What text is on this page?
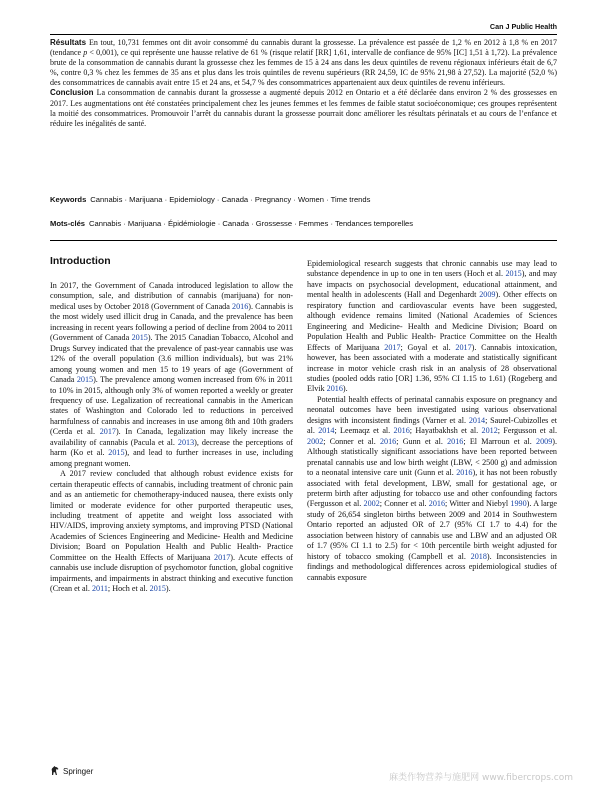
Can J Public Health

Résultats En tout, 10,731 femmes ont dit avoir consommé du cannabis durant la grossesse. La prévalence est passée de 1,2 % en 2012 à 1,8 % en 2017 (tendance p < 0,001), ce qui représente une hausse relative de 61 % (risque relatif [RR] 1,61, intervalle de confiance de 95% [IC] 1,51 à 1,72). La prévalence brute de la consommation de cannabis durant la grossesse chez les femmes de 15 à 24 ans dans les deux quintiles de revenu régionaux inférieurs était de 6,7 %, contre 0,3 % chez les femmes de 35 ans et plus dans les trois quintiles de revenu supérieurs (RR 24,59, IC de 95% 21,98 à 27,52). La majorité (52,0 %) des consommatrices de cannabis avait entre 15 et 24 ans, et 54,7 % des consommatrices appartenaient aux deux quintiles de revenu inférieurs.

Conclusion La consommation de cannabis durant la grossesse a augmenté depuis 2012 en Ontario et a été déclarée dans environ 2 % des grossesses en 2017. Les augmentations ont été constatées principalement chez les jeunes femmes et les femmes de faible statut socioéconomique; ces groupes représentent la moitié des consommatrices. Promouvoir l’arrêt du cannabis durant la grossesse pourrait donc améliorer les résultats périnatals et au cours de l’enfance et réduire les inégalités de santé.

Keywords Cannabis · Marijuana · Epidemiology · Canada · Pregnancy · Women · Time trends
Mots-clés Cannabis · Marijuana · Épidémiologie · Canada · Grossesse · Femmes · Tendances temporelles
Introduction

In 2017, the Government of Canada introduced legislation to allow the consumption, sale, and distribution of cannabis (marijuana) for non-medical uses by October 2018 (Government of Canada 2016). Cannabis is the most widely used illicit drug in Canada, and the prevalence has been increasing in recent years following a period of decline from 2004 to 2011 (Government of Canada 2015). The 2015 Canadian Tobacco, Alcohol and Drugs Survey indicated that the prevalence of past-year cannabis use was 12% of the overall population (3.6 million individuals), but was 21% among young women and men 15 to 19 years of age (Government of Canada 2015). The prevalence among women increased from 6% in 2011 to 10% in 2015, although only 3% of women reported a weekly or greater frequency of use. Legalization of recreational cannabis in the American states of Washington and Colorado led to reductions in perceived harmfulness of cannabis and increases in use among 8th and 10th graders (Cerda et al. 2017). In Canada, legalization may likely increase the availability of cannabis (Pacula et al. 2013), decrease the perceptions of harm (Ko et al. 2015), and lead to further increases in use, including among pregnant women.

A 2017 review concluded that although robust evidence exists for certain therapeutic effects of cannabis, including treatment of chronic pain and as an antiemetic for chemotherapy-induced nausea, there exists only limited or moderate evidence for other purported therapeutic uses, including treatment of appetite and weight loss associated with HIV/AIDS, improving anxiety symptoms, and improving PTSD (National Academies of Sciences Engineering and Medicine- Health and Medicine Division; Board on Population Health and Public Health- Practice Committee on the Health Effects of Marijuana 2017). Acute effects of cannabis use include disruption of psychomotor function, global cognitive impairments, and impairments in abstract thinking and executive function (Crean et al. 2011; Hoch et al. 2015).

Epidemiological research suggests that chronic cannabis use may lead to substance dependence in up to one in ten users (Hoch et al. 2015), and may have impacts on psychosocial development, educational attainment, and mental health in adolescents (Hall and Degenhardt 2009). Other effects on respiratory function and cardiovascular events have been suggested, although evidence remains limited (National Academies of Sciences Engineering and Medicine- Health and Medicine Division; Board on Population Health and Public Health- Practice Committee on the Health Effects of Marijuana 2017; Goyal et al. 2017). Cannabis intoxication, however, has been associated with a moderate and statistically significant increase in motor vehicle crash risk in an analysis of 28 observational studies (pooled odds ratio [OR] 1.36, 95% CI 1.15 to 1.61) (Rogeberg and Elvik 2016).

Potential health effects of perinatal cannabis exposure on pregnancy and neonatal outcomes have been investigated using various observational designs with inconsistent findings (Varner et al. 2014; Saurel-Cubizolles et al. 2014; Leemaqz et al. 2016; Hayatbakhsh et al. 2012; Fergusson et al. 2002; Conner et al. 2016; Gunn et al. 2016; El Marroun et al. 2009). Although statistically significant associations have been reported between prenatal cannabis use and low birth weight (LBW, < 2500 g) and admission to a neonatal intensive care unit (Gunn et al. 2016), it has not been robustly associated with fetal development, LBW, small for gestational age, or preterm birth after adjusting for tobacco use and other confounding factors (Fergusson et al. 2002; Conner et al. 2016; Witter and Niebyl 1990). A large study of 26,654 singleton births between 2009 and 2014 in Southwestern Ontario reported an adjusted OR of 2.7 (95% CI 1.7 to 4.4) for the association between history of cannabis use and LBW and an adjusted OR of 1.7 (95% CI 1.1 to 2.5) for < 10th percentile birth weight adjusted for history of tobacco smoking (Campbell et al. 2018). Inconsistencies in findings and methodological differences across epidemiological studies of cannabis exposure

Springer
麻类作物营养与施肥网 www.fibercrops.com
